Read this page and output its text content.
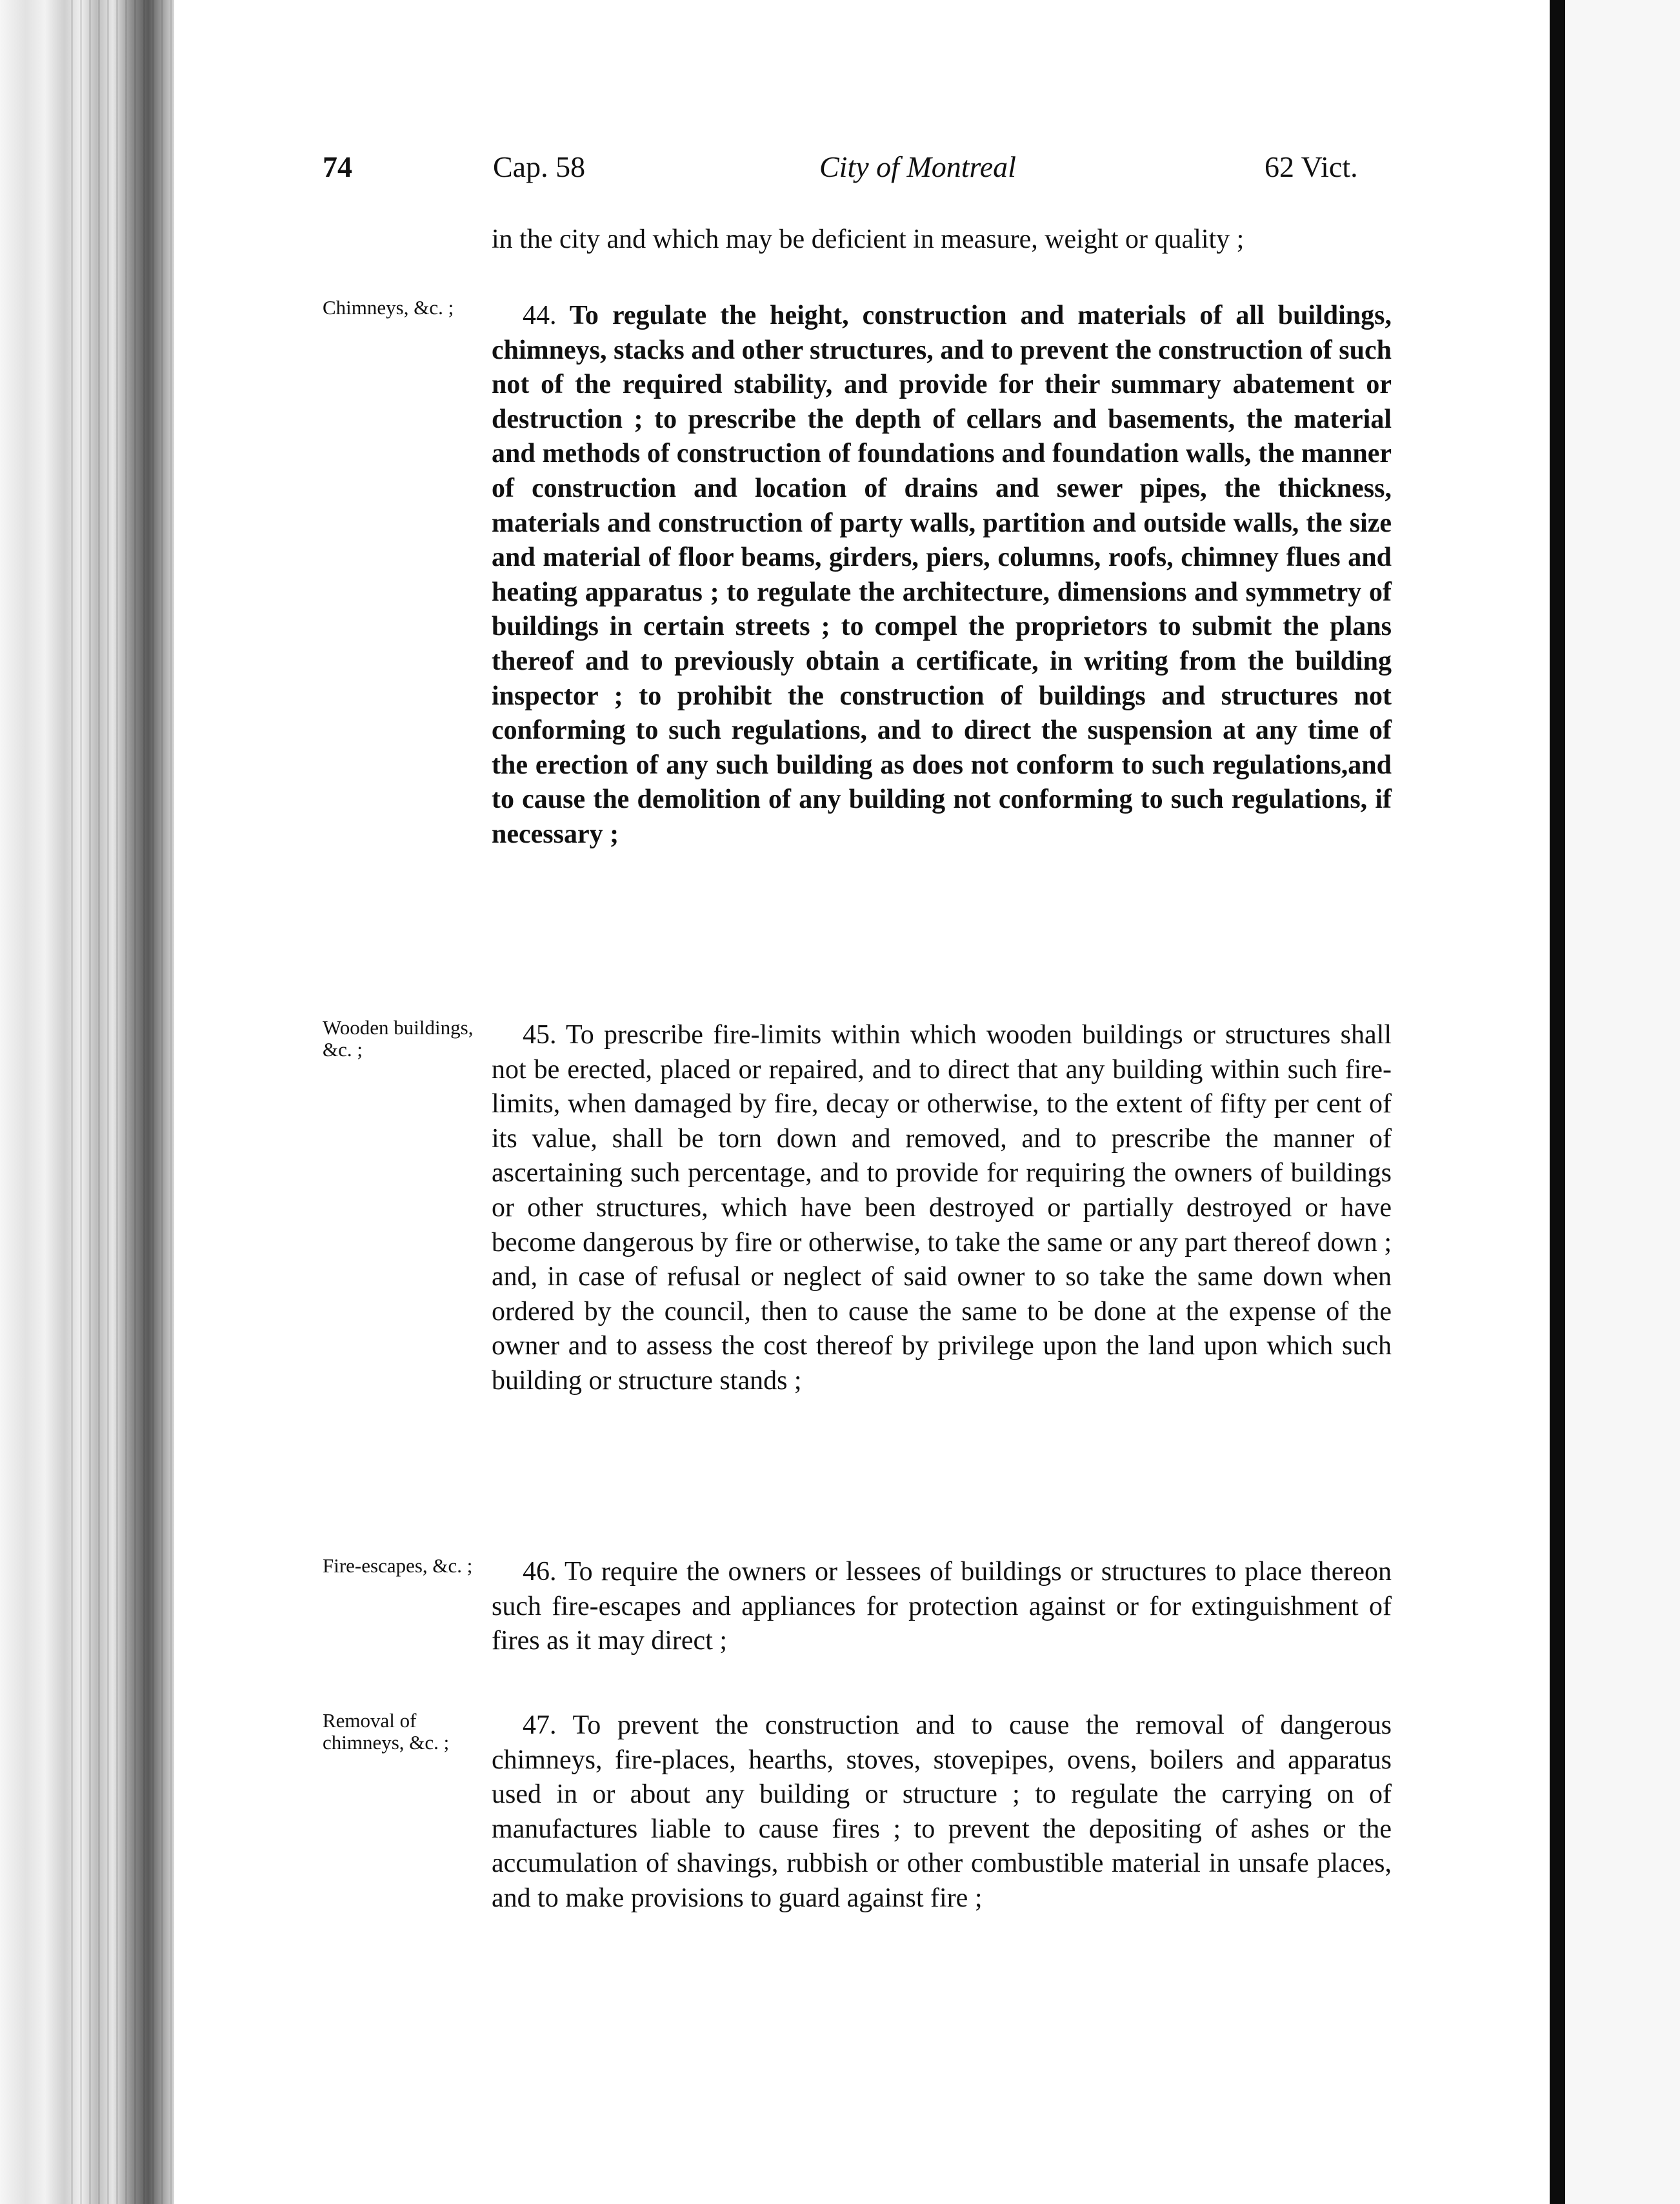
74	Cap. 58	City of Montreal	62 Vict.

in the city and which may be deficient in measure, weight or quality ;

Chimneys, &c. ;	44. To regulate the height, construction and materials of all buildings, chimneys, stacks and other structures, and to prevent the construction of such not of the required stability, and provide for their summary abatement or destruction ; to prescribe the depth of cellars and basements, the material and methods of construction of foundations and foundation walls, the manner of construction and location of drains and sewer pipes, the thickness, materials and construction of party walls, partition and outside walls, the size and material of floor beams, girders, piers, columns, roofs, chimney flues and heating apparatus ; to regulate the architecture, dimensions and symmetry of buildings in certain streets ; to compel the proprietors to submit the plans thereof and to previously obtain a certificate, in writing from the building inspector ; to prohibit the construction of buildings and structures not conforming to such regulations, and to direct the suspension at any time of the erection of any such building as does not conform to such regulations,and to cause the demolition of any building not conforming to such regulations, if necessary ;

Wooden buildings, &c. ;	45. To prescribe fire-limits within which wooden buildings or structures shall not be erected, placed or repaired, and to direct that any building within such fire-limits, when damaged by fire, decay or otherwise, to the extent of fifty per cent of its value, shall be torn down and removed, and to prescribe the manner of ascertaining such percentage, and to provide for requiring the owners of buildings or other structures, which have been destroyed or partially destroyed or have become dangerous by fire or otherwise, to take the same or any part thereof down ; and, in case of refusal or neglect of said owner to so take the same down when ordered by the council, then to cause the same to be done at the expense of the owner and to assess the cost thereof by privilege upon the land upon which such building or structure stands ;

Fire-escapes, &c. ;	46. To require the owners or lessees of buildings or structures to place thereon such fire-escapes and appliances for protection against or for extinguishment of fires as it may direct ;

Removal of chimneys, &c. ;

47. To prevent the construction and to cause the removal of dangerous chimneys, fire-places, hearths, stoves, stovepipes, ovens, boilers and apparatus used in or about any building or structure ; to regulate the carrying on of manufactures liable to cause fires ; to prevent the depositing of ashes or the accumulation of shavings, rubbish or other combustible material in unsafe places, and to make provisions to guard against fire ;
